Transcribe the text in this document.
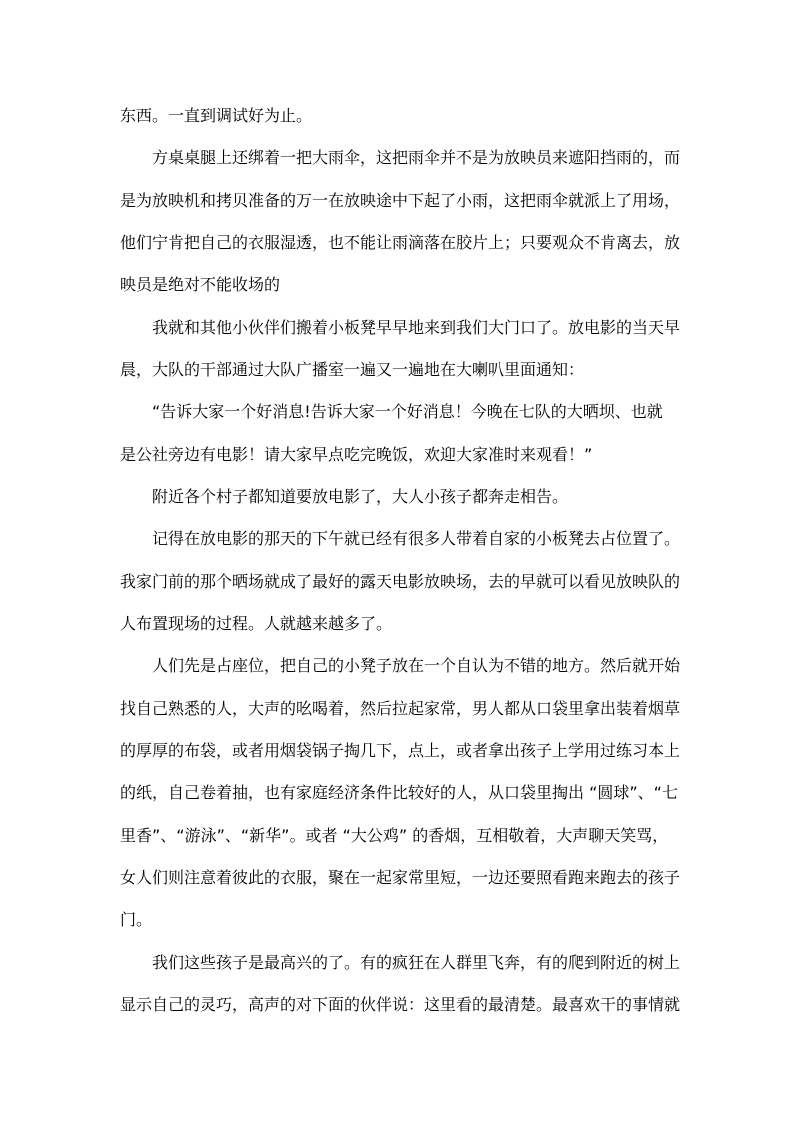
东西。一直到调试好为止。
方桌桌腿上还绑着一把大雨伞，这把雨伞并不是为放映员来遮阳挡雨的，而
是为放映机和拷贝准备的万一在放映途中下起了小雨，这把雨伞就派上了用场，
他们宁肯把自己的衣服湿透，也不能让雨滴落在胶片上；只要观众不肯离去，放
映员是绝对不能收场的
我就和其他小伙伴们搬着小板凳早早地来到我们大门口了。放电影的当天早
晨，大队的干部通过大队广播室一遍又一遍地在大喇叭里面通知：
“告诉大家一个好消息!告诉大家一个好消息！今晚在七队的大晒坝、也就
是公社旁边有电影！请大家早点吃完晚饭，欢迎大家准时来观看！”
附近各个村子都知道要放电影了，大人小孩子都奔走相告。
记得在放电影的那天的下午就已经有很多人带着自家的小板凳去占位置了。
我家门前的那个晒场就成了最好的露天电影放映场，去的早就可以看见放映队的
人布置现场的过程。人就越来越多了。
人们先是占座位，把自己的小凳子放在一个自认为不错的地方。然后就开始
找自己熟悉的人，大声的吆喝着，然后拉起家常，男人都从口袋里拿出装着烟草
的厚厚的布袋，或者用烟袋锅子掏几下，点上，或者拿出孩子上学用过练习本上
的纸，自己卷着抽，也有家庭经济条件比较好的人，从口袋里掏出 “圆球”、“七
里香”、“游泳”、“新华”。或者 “大公鸡” 的香烟，互相敬着，大声聊天笑骂，
女人们则注意着彼此的衣服，聚在一起家常里短，一边还要照看跑来跑去的孩子
门。
我们这些孩子是最高兴的了。有的疯狂在人群里飞奔，有的爬到附近的树上
显示自己的灵巧，高声的对下面的伙伴说：这里看的最清楚。最喜欢干的事情就
